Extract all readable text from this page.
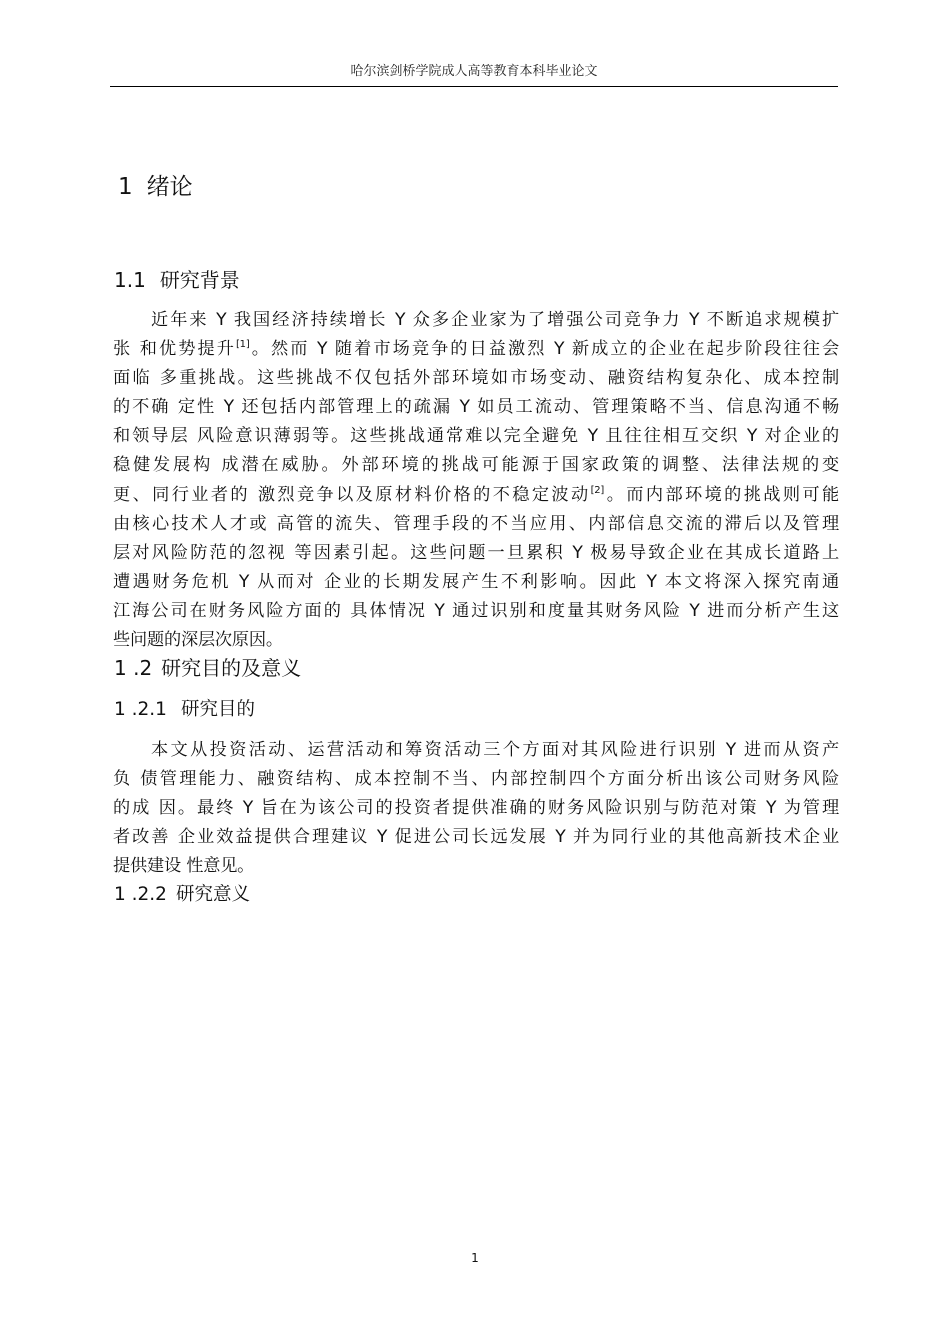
哈尔滨剑桥学院成人高等教育本科毕业论文
1 绪论
1.1 研究背景
近年来 Y 我国经济持续增长 Y 众多企业家为了增强公司竞争力 Y 不断追求规模扩
张 和优势提升[1]。然而 Y 随着市场竞争的日益激烈 Y 新成立的企业在起步阶段往往会
面临 多重挑战。这些挑战不仅包括外部环境如市场变动、融资结构复杂化、成本控制
的不确 定性 Y 还包括内部管理上的疏漏 Y 如员工流动、管理策略不当、信息沟通不畅
和领导层 风险意识薄弱等。这些挑战通常难以完全避免 Y 且往往相互交织 Y 对企业的
稳健发展构 成潜在威胁。外部环境的挑战可能源于国家政策的调整、法律法规的变
更、同行业者的 激烈竞争以及原材料价格的不稳定波动[2]。而内部环境的挑战则可能
由核心技术人才或 高管的流失、管理手段的不当应用、内部信息交流的滞后以及管理
层对风险防范的忽视 等因素引起。这些问题一旦累积 Y 极易导致企业在其成长道路上
遭遇财务危机 Y 从而对 企业的长期发展产生不利影响。因此 Y 本文将深入探究南通
江海公司在财务风险方面的 具体情况 Y 通过识别和度量其财务风险 Y 进而分析产生这
些问题的深层次原因。
1 .2 研究目的及意义
1 .2.1 研究目的
本文从投资活动、运营活动和筹资活动三个方面对其风险进行识别 Y 进而从资产
负 债管理能力、融资结构、成本控制不当、内部控制四个方面分析出该公司财务风险
的成 因。最终 Y 旨在为该公司的投资者提供准确的财务风险识别与防范对策 Y 为管理
者改善 企业效益提供合理建议 Y 促进公司长远发展 Y 并为同行业的其他高新技术企业
提供建设 性意见。
1 .2.2 研究意义
1
